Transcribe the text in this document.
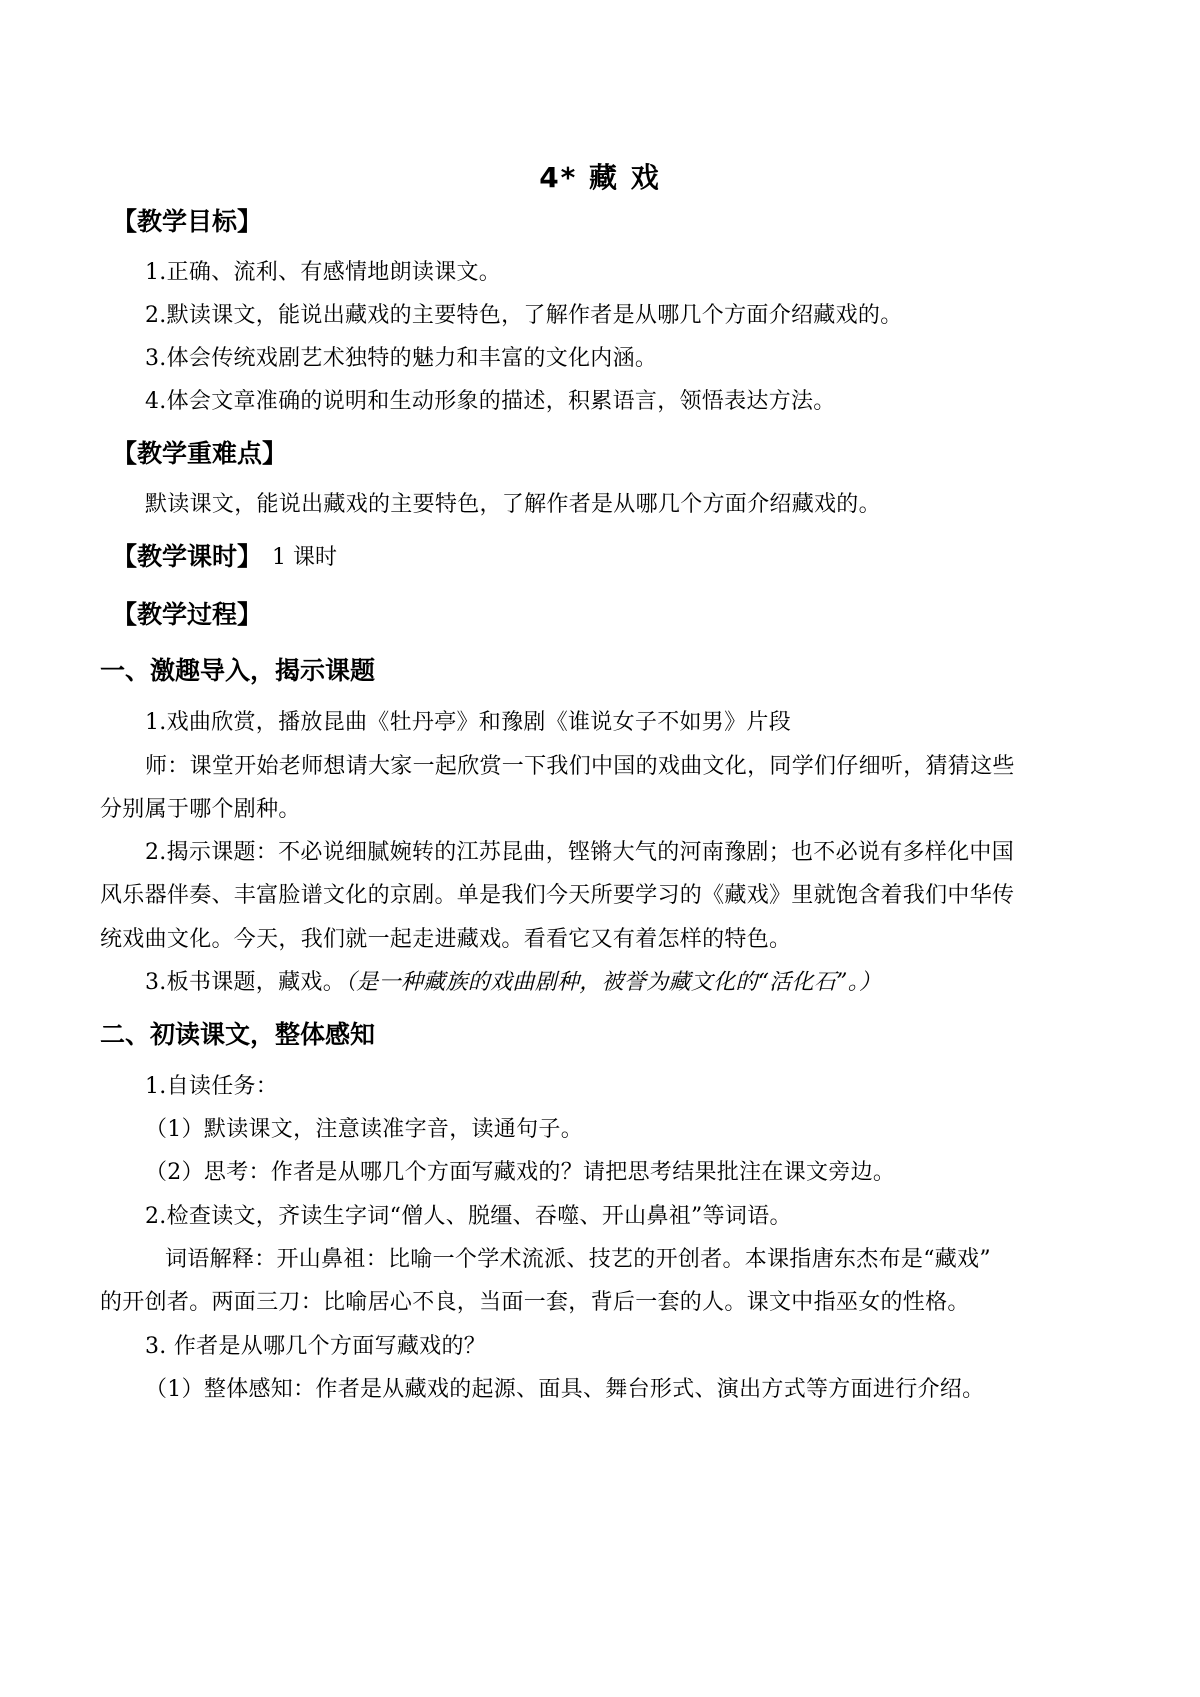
4* 藏 戏
【教学目标】
1.正确、流利、有感情地朗读课文。
2.默读课文，能说出藏戏的主要特色，了解作者是从哪几个方面介绍藏戏的。
3.体会传统戏剧艺术独特的魅力和丰富的文化内涵。
4.体会文章准确的说明和生动形象的描述，积累语言，领悟表达方法。
【教学重难点】
默读课文，能说出藏戏的主要特色，了解作者是从哪几个方面介绍藏戏的。
【教学课时】 1 课时
【教学过程】
一、激趣导入，揭示课题
1.戏曲欣赏，播放昆曲《牡丹亭》和豫剧《谁说女子不如男》片段
师：课堂开始老师想请大家一起欣赏一下我们中国的戏曲文化，同学们仔细听，猜猜这些
分别属于哪个剧种。
2.揭示课题：不必说细腻婉转的江苏昆曲，铿锵大气的河南豫剧；也不必说有多样化中国
风乐器伴奏、丰富脸谱文化的京剧。单是我们今天所要学习的《藏戏》里就饱含着我们中华传
统戏曲文化。今天，我们就一起走进藏戏。看看它又有着怎样的特色。
3.板书课题，藏戏。（是一种藏族的戏曲剧种，被誉为藏文化的“活化石”。）
二、初读课文，整体感知
1.自读任务：
（1）默读课文，注意读准字音，读通句子。
（2）思考：作者是从哪几个方面写藏戏的？请把思考结果批注在课文旁边。
2.检查读文，齐读生字词“僧人、脱缰、吞噬、开山鼻祖”等词语。
词语解释：开山鼻祖：比喻一个学术流派、技艺的开创者。本课指唐东杰布是“藏戏”
的开创者。两面三刀：比喻居心不良，当面一套，背后一套的人。课文中指巫女的性格。
3. 作者是从哪几个方面写藏戏的？
（1）整体感知：作者是从藏戏的起源、面具、舞台形式、演出方式等方面进行介绍。
